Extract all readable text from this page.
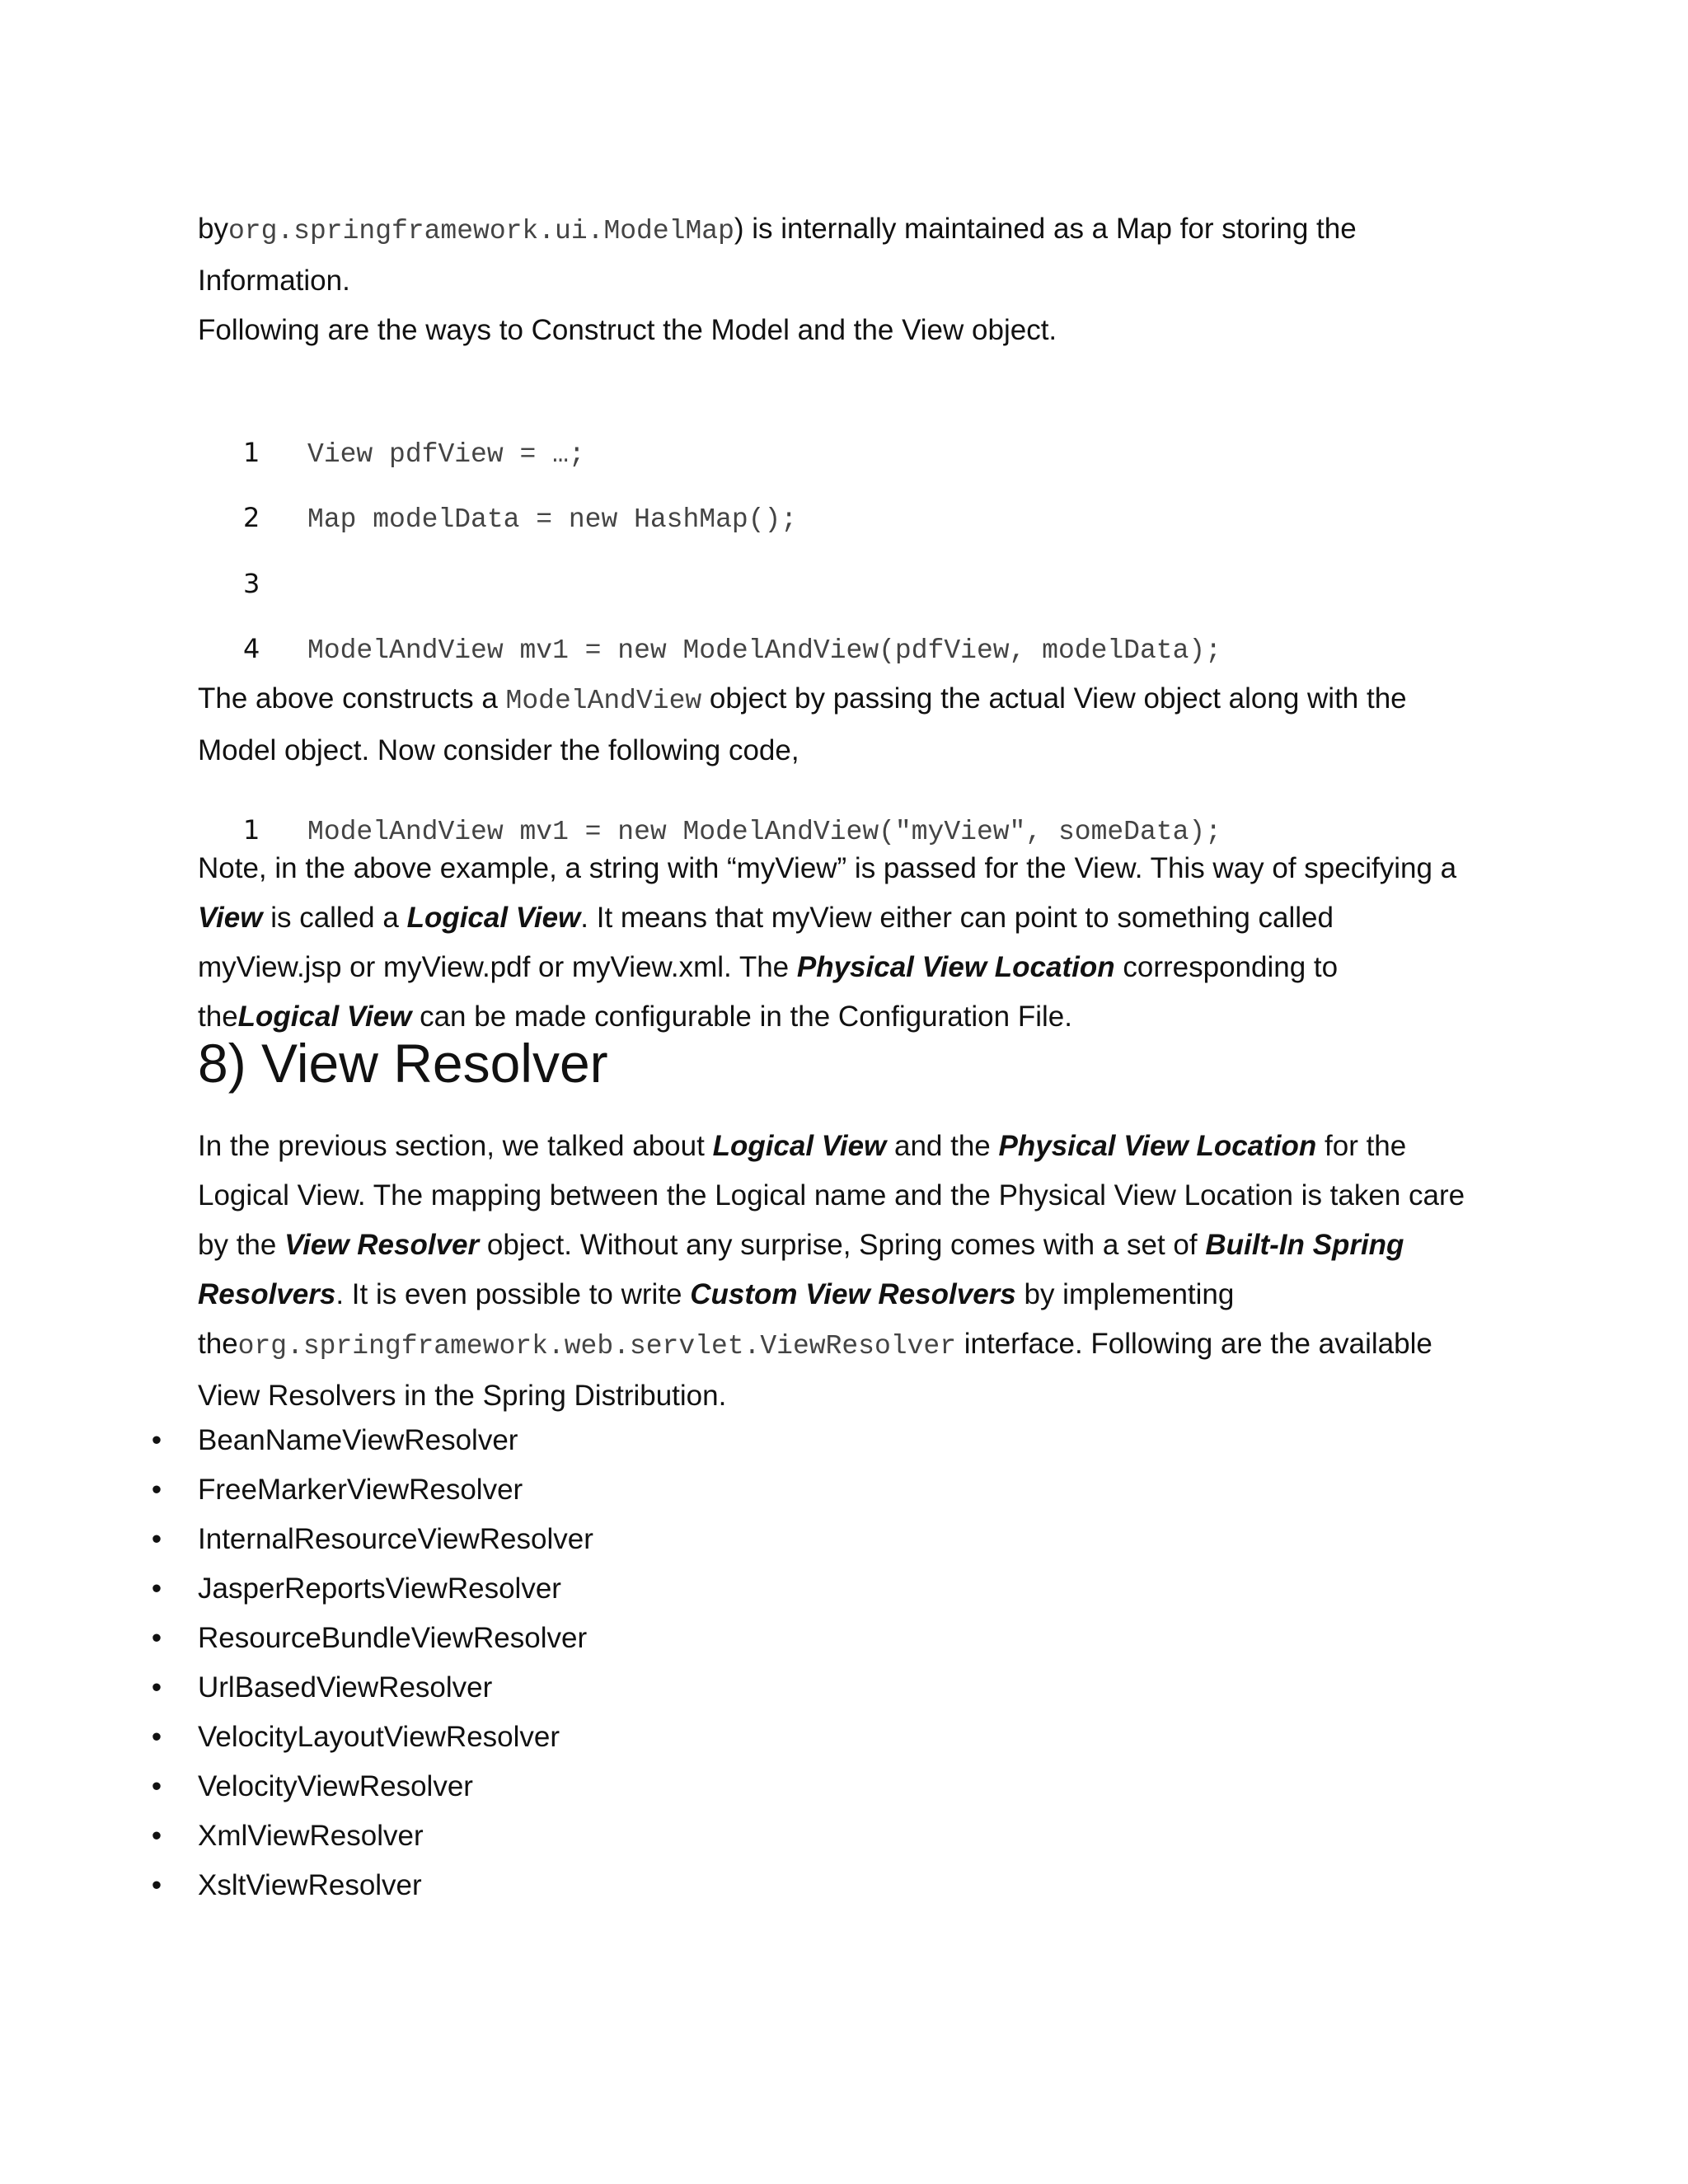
byorg.springframework.ui.ModelMap) is internally maintained as a Map for storing the
Information.
Following are the ways to Construct the Model and the View object.

1 View pdfView = …;

2 Map modelData = new HashMap();

3

4 ModelAndView mv1 = new ModelAndView(pdfView, modelData);

The above constructs a ModelAndView object by passing the actual View object along with the
Model object. Now consider the following code,

1 ModelAndView mv1 = new ModelAndView("myView", someData);

Note, in the above example, a string with “myView” is passed for the View. This way of specifying a View is called a Logical View. It means that myView either can point to something called myView.jsp or myView.pdf or myView.xml. The Physical View Location corresponding to theLogical View can be made configurable in the Configuration File.

8) View Resolver

In the previous section, we talked about Logical View and the Physical View Location for the Logical View. The mapping between the Logical name and the Physical View Location is taken care by the View Resolver object. Without any surprise, Spring comes with a set of Built-In Spring Resolvers. It is even possible to write Custom View Resolvers by implementing theorg.springframework.web.servlet.ViewResolver interface. Following are the available View Resolvers in the Spring Distribution.

• BeanNameViewResolver
• FreeMarkerViewResolver
• InternalResourceViewResolver
• JasperReportsViewResolver
• ResourceBundleViewResolver
• UrlBasedViewResolver
• VelocityLayoutViewResolver
• VelocityViewResolver
• XmlViewResolver
• XsltViewResolver
